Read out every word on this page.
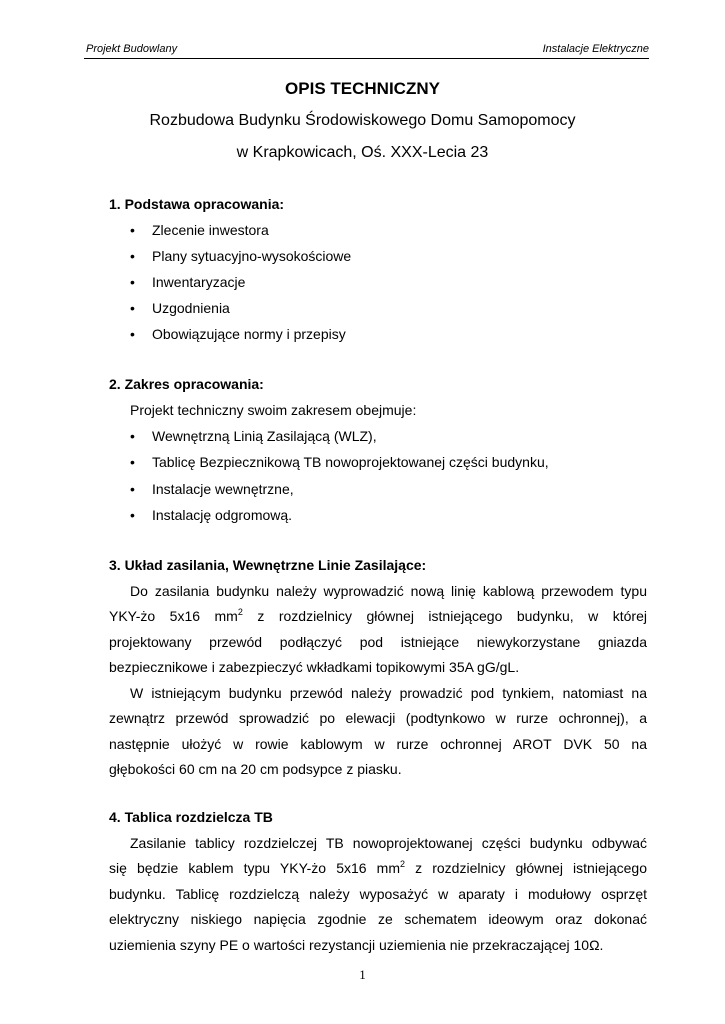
Projekt Budowlany	Instalacje Elektryczne
OPIS TECHNICZNY
Rozbudowa Budynku Środowiskowego Domu Samopomocy
w Krapkowicach, Oś. XXX-Lecia 23
1. Podstawa opracowania:
• Zlecenie inwestora
• Plany sytuacyjno-wysokościowe
• Inwentaryzacje
• Uzgodnienia
• Obowiązujące normy i przepisy
2. Zakres opracowania:
Projekt techniczny swoim zakresem obejmuje:
• Wewnętrzną Linią Zasilającą (WLZ),
• Tablicę Bezpiecznikową TB nowoprojektowanej części budynku,
• Instalacje wewnętrzne,
• Instalację odgromową.
3. Układ zasilania, Wewnętrzne Linie Zasilające:
Do zasilania budynku należy wyprowadzić nową linię kablową przewodem typu
YKY-żo 5x16 $mm^2$ z rozdzielnicy głównej istniejącego budynku, w której
projektowany przewód podłączyć pod istniejące niewykorzystane gniazda
bezpiecznikowe i zabezpieczyć wkładkami topikowymi 35A gG/gL.
W istniejącym budynku przewód należy prowadzić pod tynkiem, natomiast na
zewnątrz przewód sprowadzić po elewacji (podtynkowo w rurze ochronnej), a
następnie ułożyć w rowie kablowym w rurze ochronnej AROT DVK 50 na
głębokości 60 cm na 20 cm podsypce z piasku.
4. Tablica rozdzielcza TB
Zasilanie tablicy rozdzielczej TB nowoprojektowanej części budynku odbywać
się będzie kablem typu YKY-żo 5x16 $mm^2$ z rozdzielnicy głównej istniejącego
budynku. Tablicę rozdzielczą należy wyposażyć w aparaty i modułowy osprzęt
elektryczny niskiego napięcia zgodnie ze schematem ideowym oraz dokonać
uziemienia szyny PE o wartości rezystancji uziemienia nie przekraczającej 10Ω.
1
